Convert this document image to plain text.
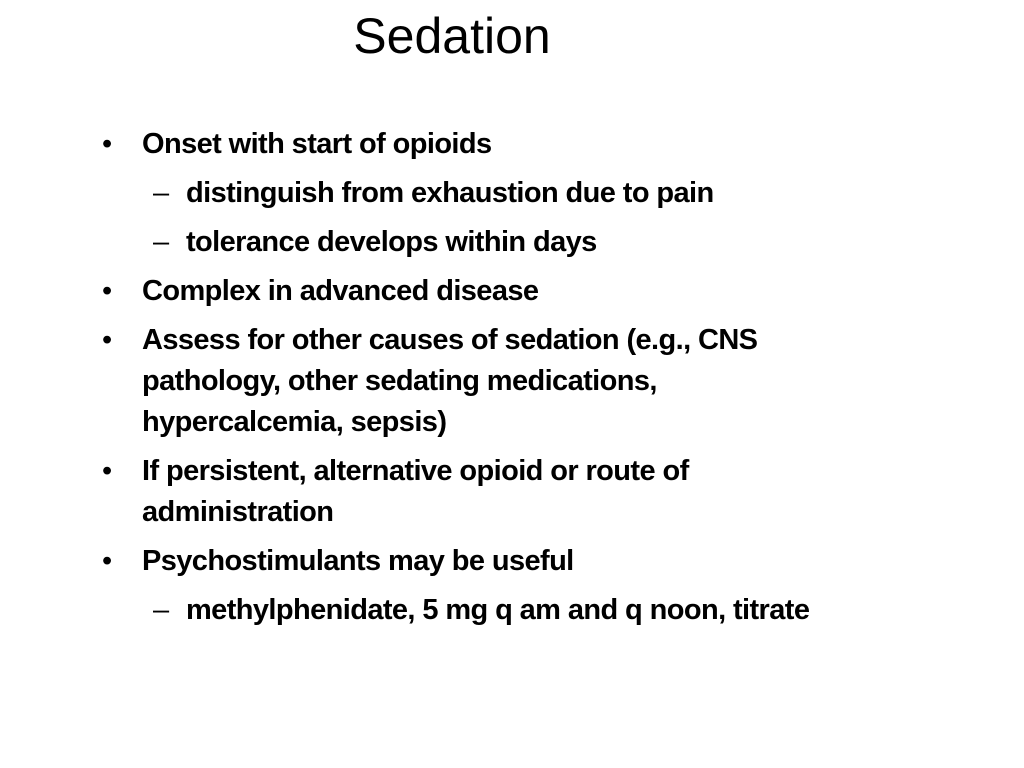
Sedation
• Onset with start of opioids
– distinguish from exhaustion due to pain
– tolerance develops within days
• Complex in advanced disease
• Assess for other causes of sedation (e.g., CNS pathology, other sedating medications, hypercalcemia, sepsis)
• If persistent, alternative opioid or route of administration
• Psychostimulants may be useful
– methylphenidate, 5 mg q am and q noon, titrate
